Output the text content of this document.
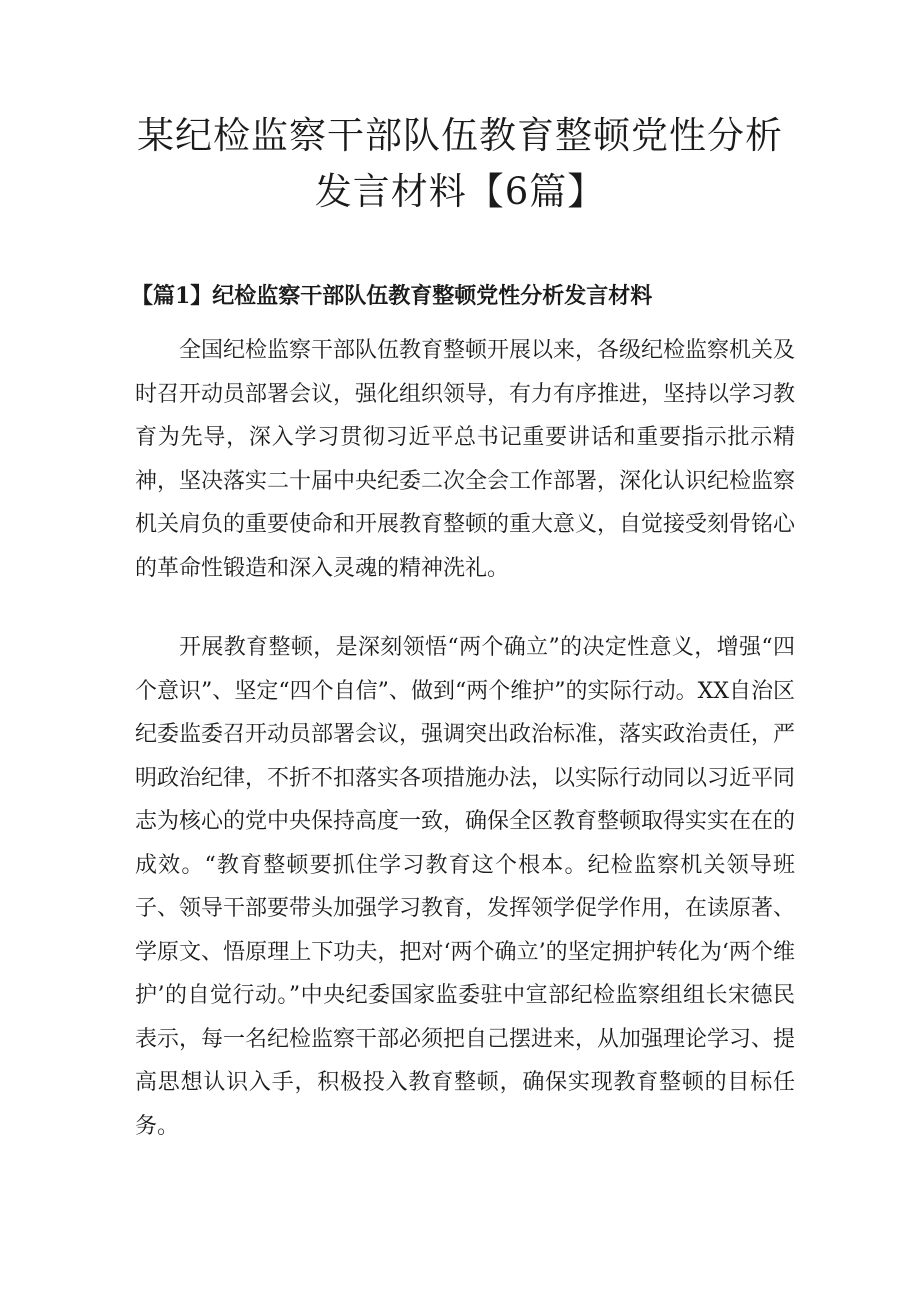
某纪检监察干部队伍教育整顿党性分析发言材料【6篇】
【篇1】纪检监察干部队伍教育整顿党性分析发言材料

全国纪检监察干部队伍教育整顿开展以来，各级纪检监察机关及时召开动员部署会议，强化组织领导，有力有序推进，坚持以学习教育为先导，深入学习贯彻习近平总书记重要讲话和重要指示批示精神，坚决落实二十届中央纪委二次全会工作部署，深化认识纪检监察机关肩负的重要使命和开展教育整顿的重大意义，自觉接受刻骨铭心的革命性锻造和深入灵魂的精神洗礼。

开展教育整顿，是深刻领悟“两个确立”的决定性意义，增强“四个意识”、坚定“四个自信”、做到“两个维护”的实际行动。XX自治区纪委监委召开动员部署会议，强调突出政治标准，落实政治责任，严明政治纪律，不折不扣落实各项措施办法，以实际行动同以习近平同志为核心的党中央保持高度一致，确保全区教育整顿取得实实在在的成效。“教育整顿要抓住学习教育这个根本。纪检监察机关领导班子、领导干部要带头加强学习教育，发挥领学促学作用，在读原著、学原文、悟原理上下功夫，把对‘两个确立’的坚定拥护转化为‘两个维护’的自觉行动。”中央纪委国家监委驻中宣部纪检监察组组长宋德民表示，每一名纪检监察干部必须把自己摆进来，从加强理论学习、提高思想认识入手，积极投入教育整顿，确保实现教育整顿的目标任务。
